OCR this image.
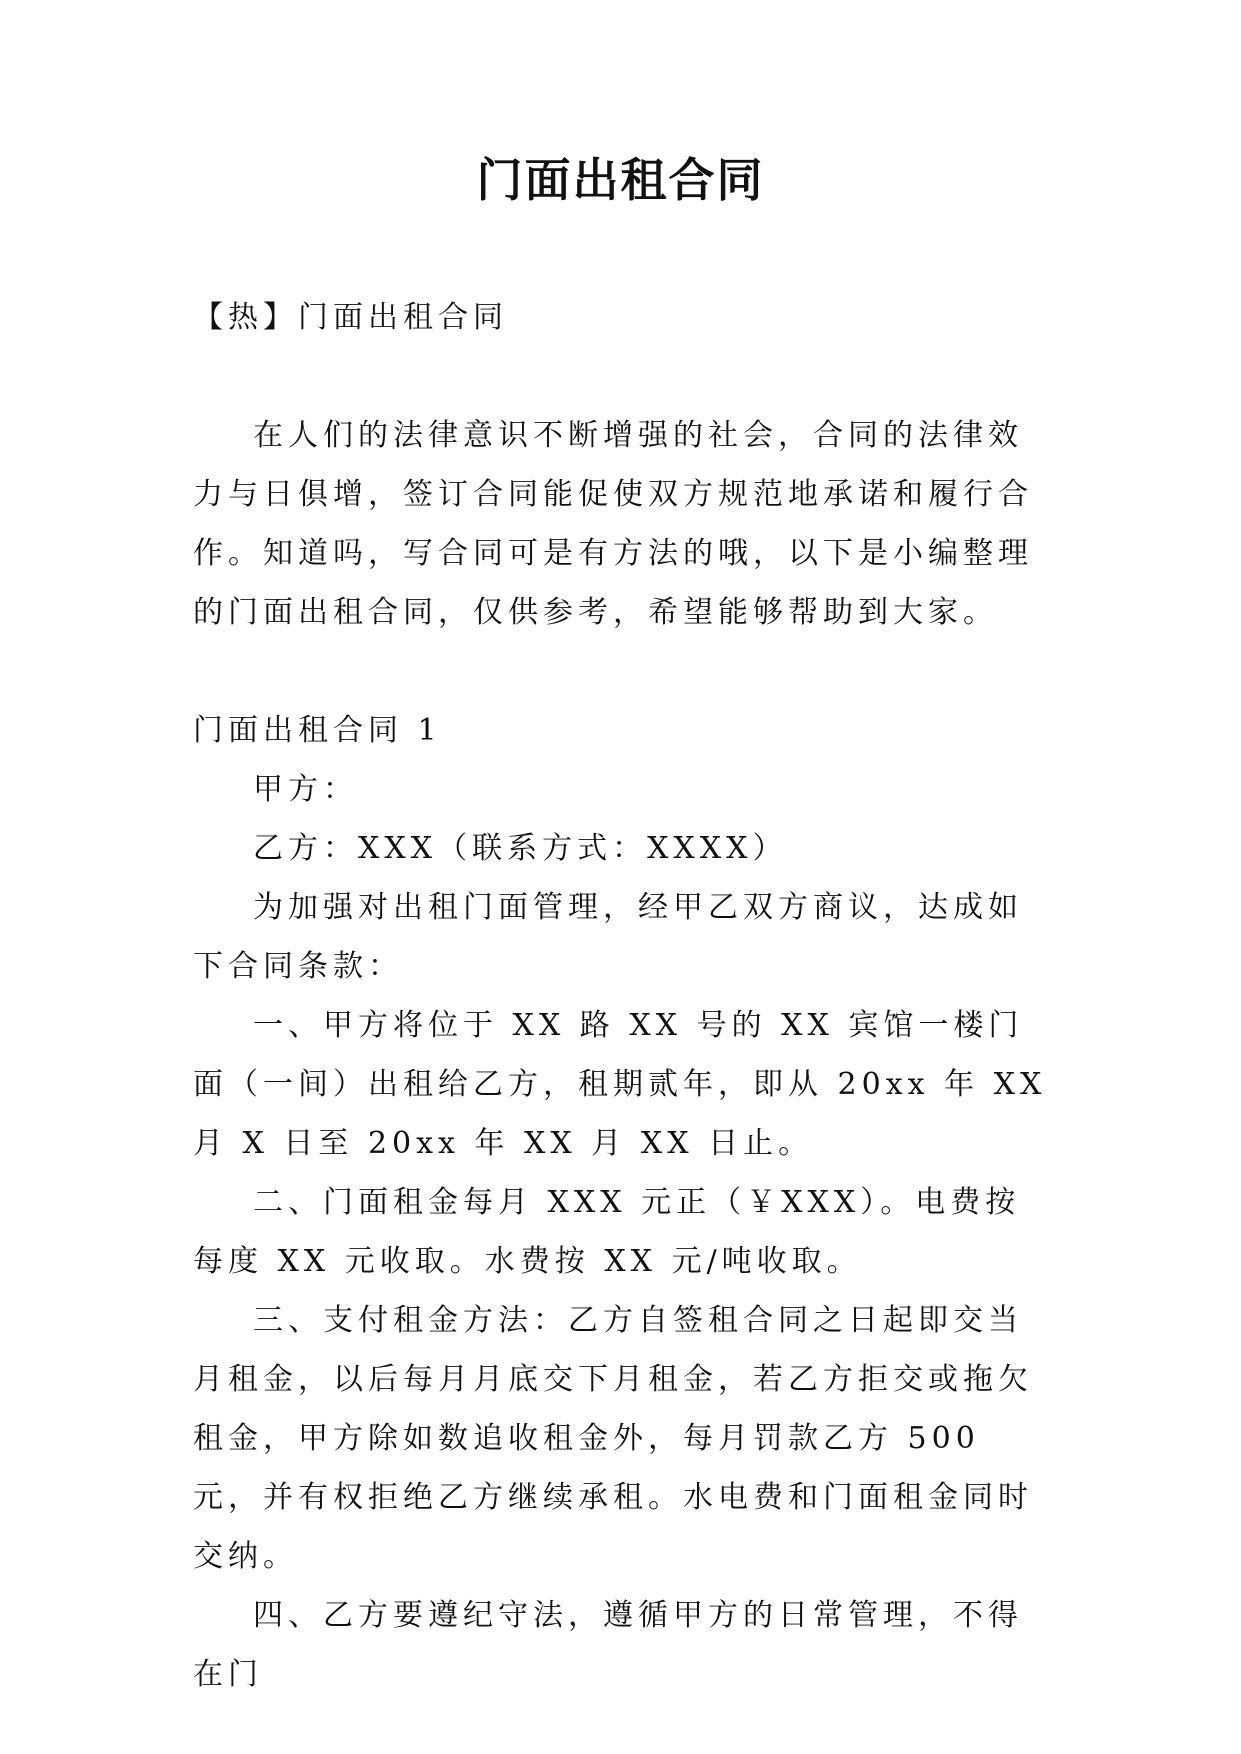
门面出租合同

【热】门面出租合同

在人们的法律意识不断增强的社会，合同的法律效力与日俱增，签订合同能促使双方规范地承诺和履行合作。知道吗，写合同可是有方法的哦，以下是小编整理的门面出租合同，仅供参考，希望能够帮助到大家。

门面出租合同 1

甲方：

乙方：XXX（联系方式：XXXX）

为加强对出租门面管理，经甲乙双方商议，达成如下合同条款：

一、甲方将位于 XX 路 XX 号的 XX 宾馆一楼门面（一间）出租给乙方，租期贰年，即从 20xx 年 XX 月 X 日至 20xx 年 XX 月 XX 日止。

二、门面租金每月 XXX 元正（￥XXX）。电费按每度 XX 元收取。水费按 XX 元/吨收取。

三、支付租金方法：乙方自签租合同之日起即交当月租金，以后每月月底交下月租金，若乙方拒交或拖欠租金，甲方除如数追收租金外，每月罚款乙方 500 元，并有权拒绝乙方继续承租。水电费和门面租金同时交纳。

四、乙方要遵纪守法，遵循甲方的日常管理，不得在门
